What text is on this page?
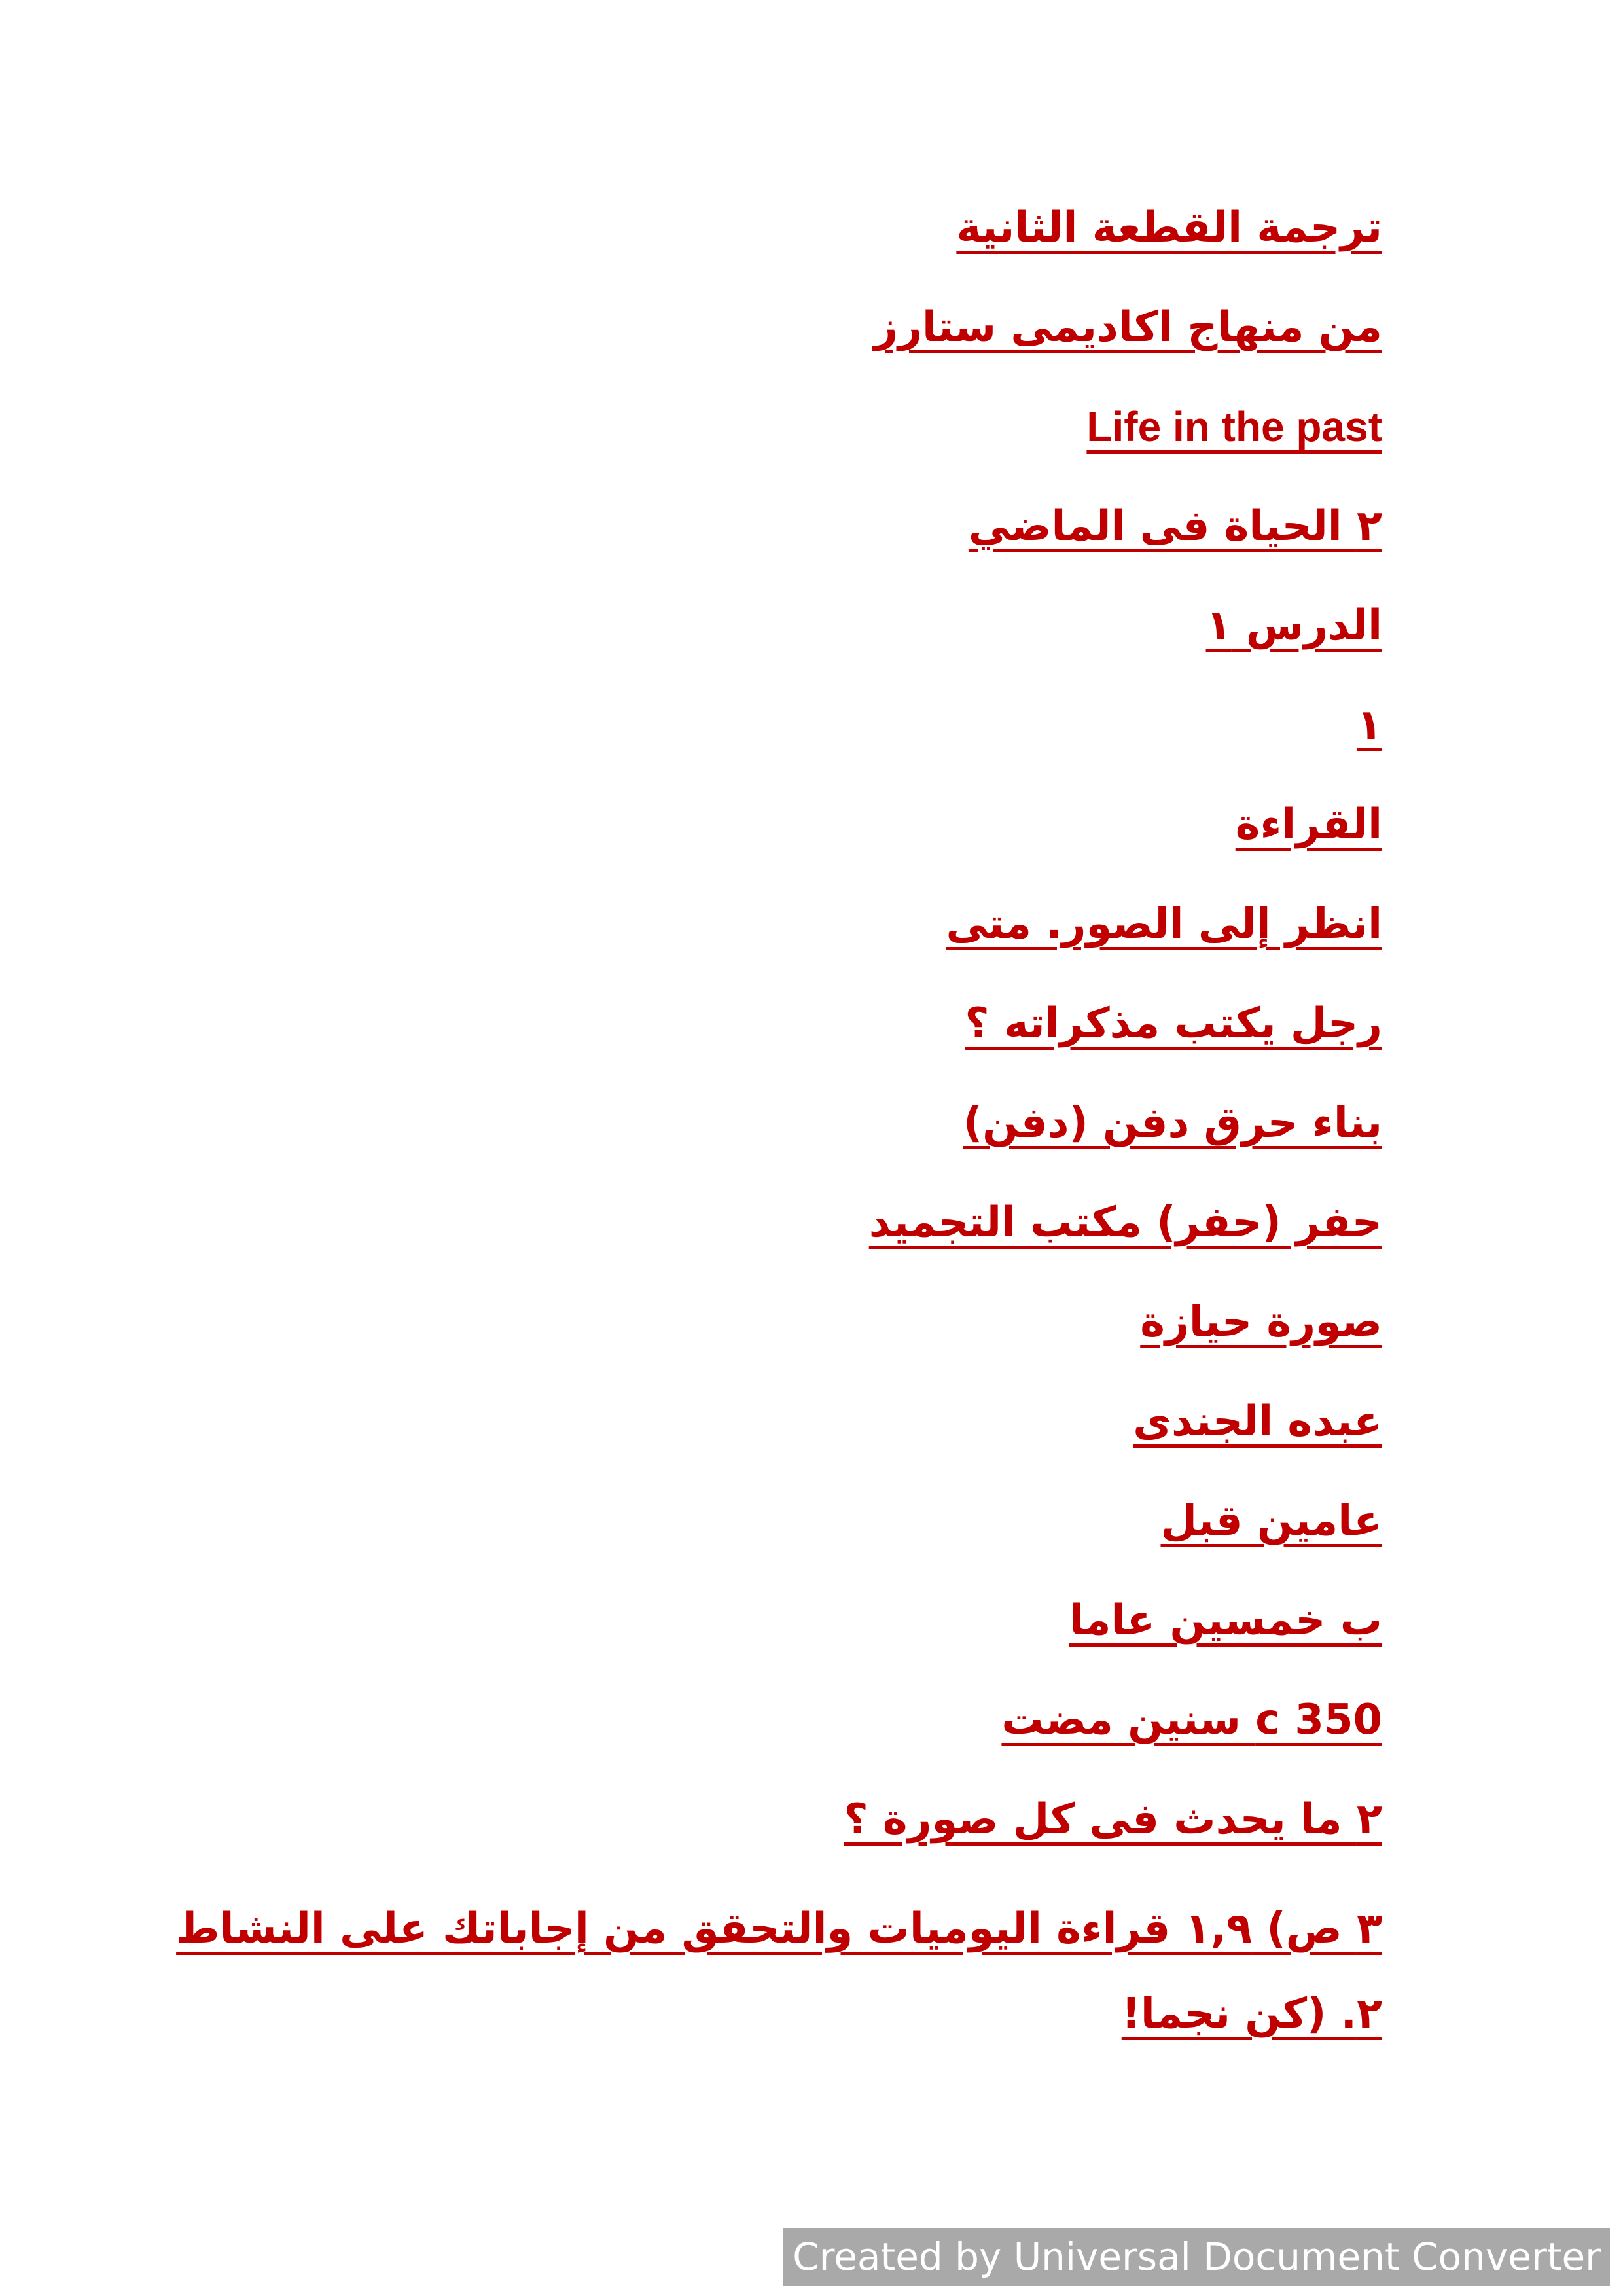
ترجمة القطعة الثانية
من منهاج اكاديمى ستارز
Life in the past
٢ الحياة فى الماضي
الدرس ١
١
القراءة
انظر إلى الصور. متى
رجل يكتب مذكراته ؟
بناء حرق دفن (دفن)
حفر (حفر) مكتب التجميد
صورة حيازة
عبده الجندى
عامين قبل
ب خمسين عاما
c 350 سنين مضت
٢ ما يحدث فى كل صورة ؟
٣ ص) ١,٩ قراءة اليوميات والتحقق من إجاباتك على النشاط ٢. (كن نجما!
Created by Universal Document Converter
